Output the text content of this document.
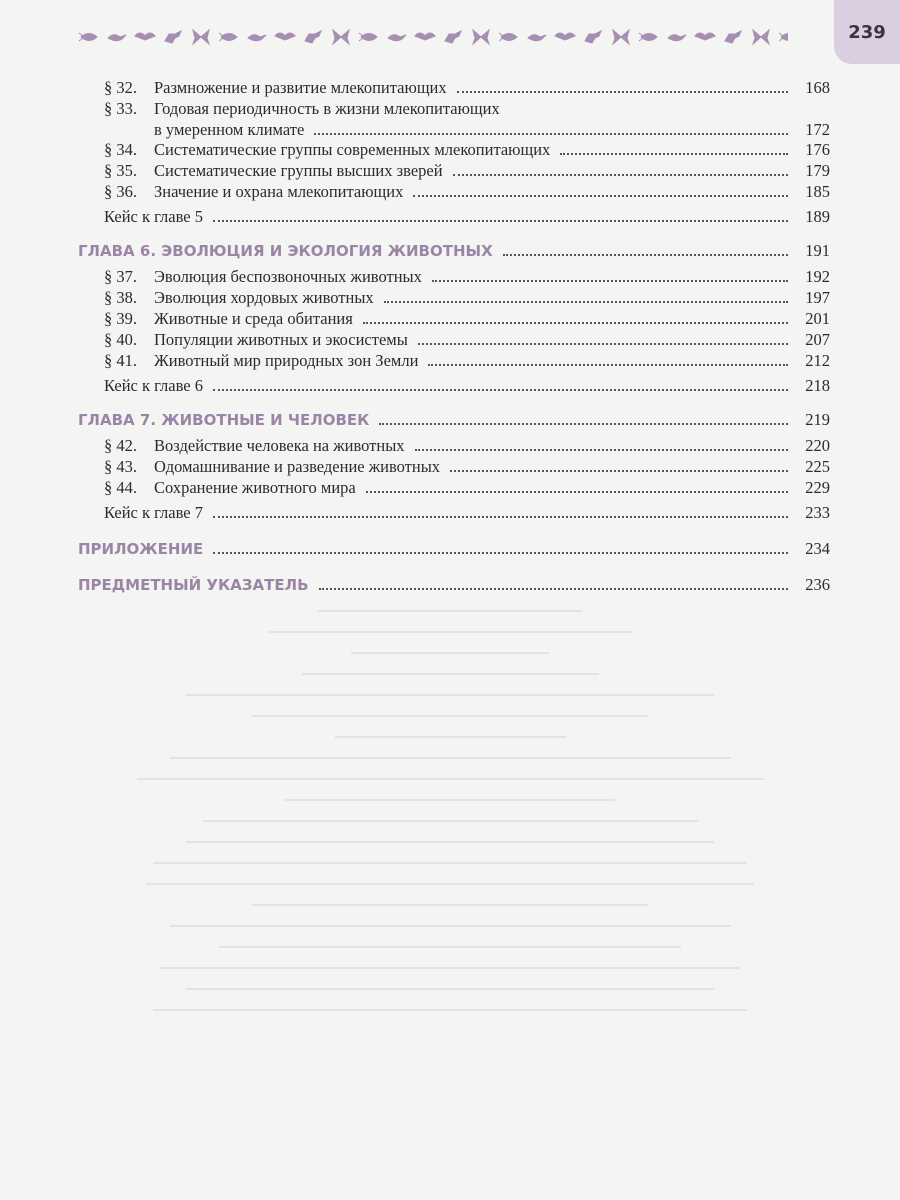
239
§ 32. Размножение и развитие млекопитающих	168
§ 33. Годовая периодичность в жизни млекопитающих
в умеренном климате	172
§ 34. Систематические группы современных млекопитающих	176
§ 35. Систематические группы высших зверей	179
§ 36. Значение и охрана млекопитающих	185
Кейс к главе 5	189
ГЛАВА 6. ЭВОЛЮЦИЯ И ЭКОЛОГИЯ ЖИВОТНЫХ	191
§ 37. Эволюция беспозвоночных животных	192
§ 38. Эволюция хордовых животных	197
§ 39. Животные и среда обитания	201
§ 40. Популяции животных и экосистемы	207
§ 41. Животный мир природных зон Земли	212
Кейс к главе 6	218
ГЛАВА 7. ЖИВОТНЫЕ И ЧЕЛОВЕК	219
§ 42. Воздействие человека на животных	220
§ 43. Одомашнивание и разведение животных	225
§ 44. Сохранение животного мира	229
Кейс к главе 7	233
ПРИЛОЖЕНИЕ	234
ПРЕДМЕТНЫЙ УКАЗАТЕЛЬ	236
